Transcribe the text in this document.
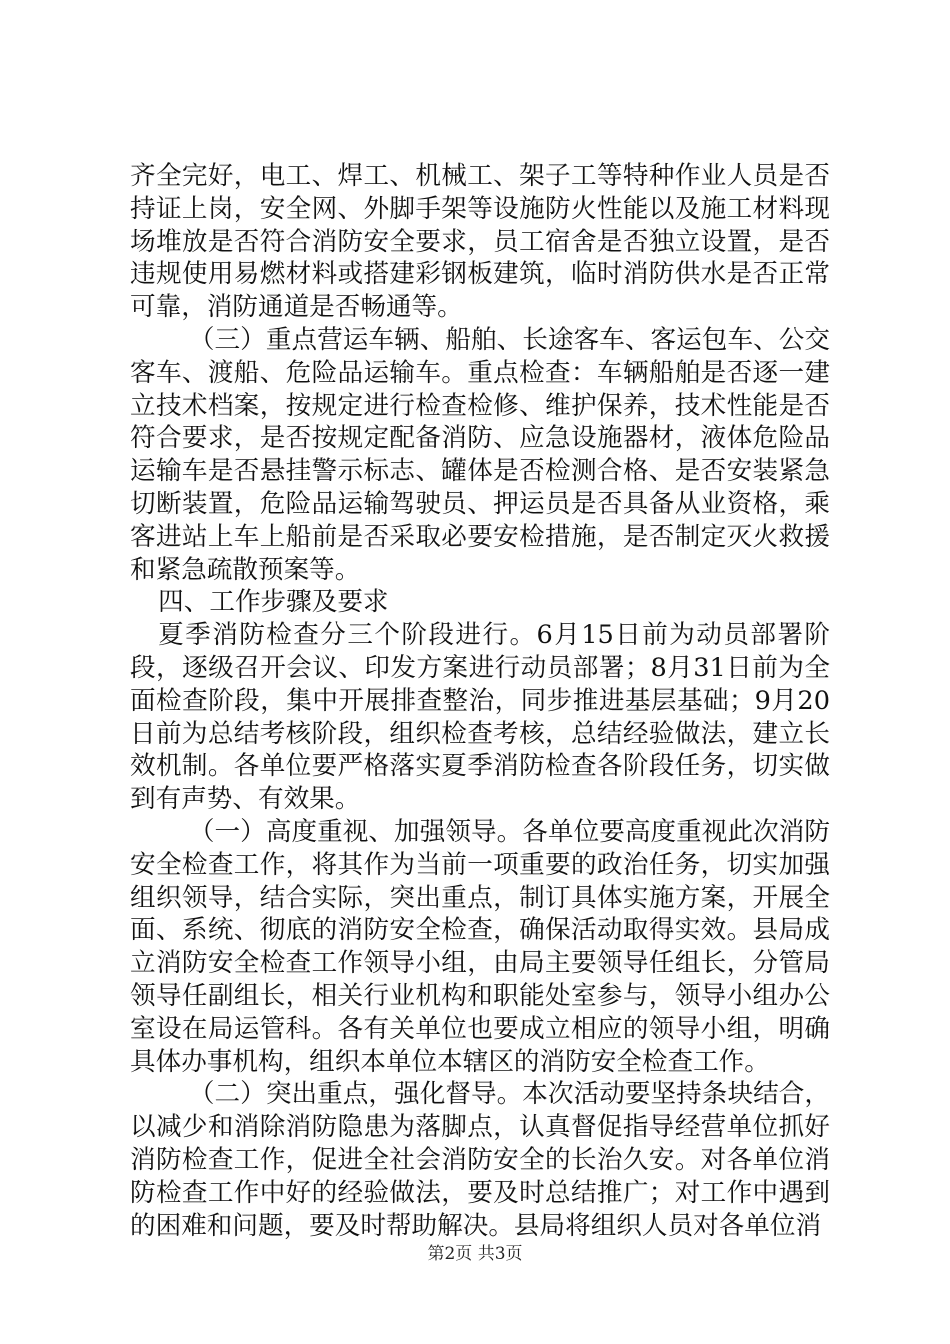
齐全完好，电工、焊工、机械工、架子工等特种作业人员是否持证上岗，安全网、外脚手架等设施防火性能以及施工材料现场堆放是否符合消防安全要求，员工宿舍是否独立设置，是否违规使用易燃材料或搭建彩钢板建筑，临时消防供水是否正常可靠，消防通道是否畅通等。

（三）重点营运车辆、船舶、长途客车、客运包车、公交客车、渡船、危险品运输车。重点检查：车辆船舶是否逐一建立技术档案，按规定进行检查检修、维护保养，技术性能是否符合要求，是否按规定配备消防、应急设施器材，液体危险品运输车是否悬挂警示标志、罐体是否检测合格、是否安装紧急切断装置，危险品运输驾驶员、押运员是否具备从业资格，乘客进站上车上船前是否采取必要安检措施，是否制定灭火救援和紧急疏散预案等。

四、工作步骤及要求

夏季消防检查分三个阶段进行。6月15日前为动员部署阶段，逐级召开会议、印发方案进行动员部署；8月31日前为全面检查阶段，集中开展排查整治，同步推进基层基础；9月20日前为总结考核阶段，组织检查考核，总结经验做法，建立长效机制。各单位要严格落实夏季消防检查各阶段任务，切实做到有声势、有效果。

（一）高度重视、加强领导。各单位要高度重视此次消防安全检查工作，将其作为当前一项重要的政治任务，切实加强组织领导，结合实际，突出重点，制订具体实施方案，开展全面、系统、彻底的消防安全检查，确保活动取得实效。县局成立消防安全检查工作领导小组，由局主要领导任组长，分管局领导任副组长，相关行业机构和职能处室参与，领导小组办公室设在局运管科。各有关单位也要成立相应的领导小组，明确具体办事机构，组织本单位本辖区的消防安全检查工作。

（二）突出重点，强化督导。本次活动要坚持条块结合，以减少和消除消防隐患为落脚点，认真督促指导经营单位抓好消防检查工作，促进全社会消防安全的长治久安。对各单位消防检查工作中好的经验做法，要及时总结推广；对工作中遇到的困难和问题，要及时帮助解决。县局将组织人员对各单位消

第2页 共3页
